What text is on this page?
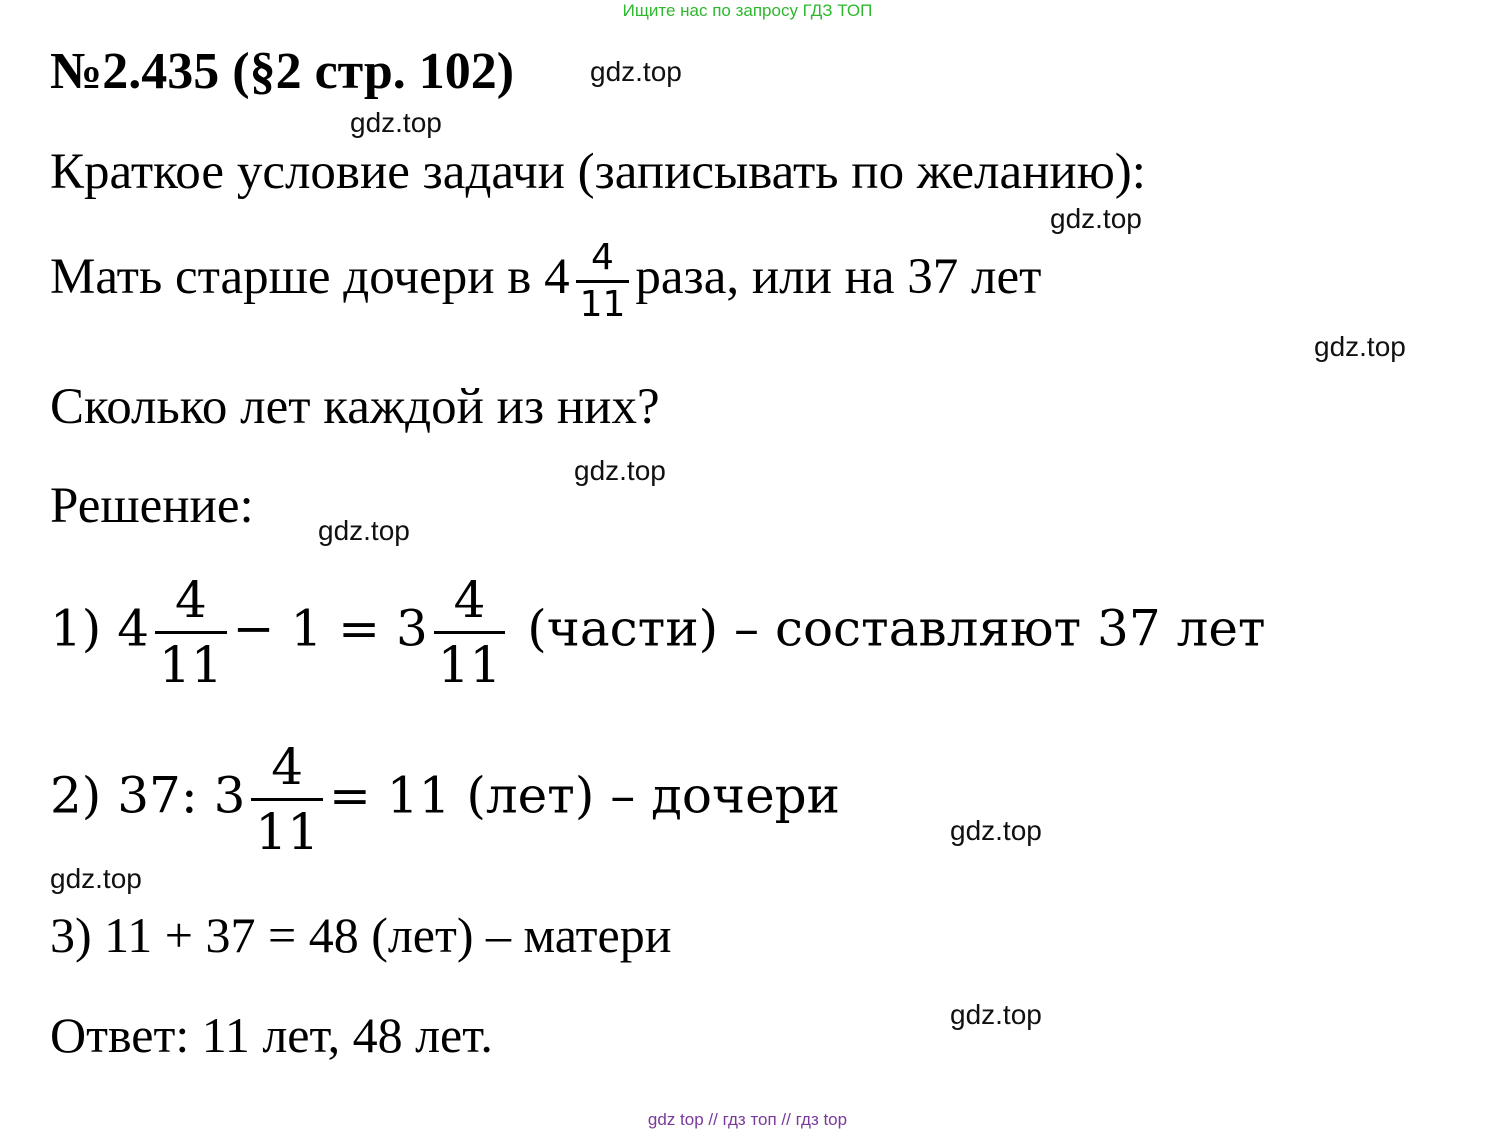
Ищите нас по запросу ГДЗ ТОП
№2.435 (§2 стр. 102)	gdz.top
gdz.top
Краткое условие задачи (записывать по желанию):
gdz.top
Мать старше дочери в $4 \frac{4}{11}$ раза, или на 37 лет
gdz.top
Сколько лет каждой из них?
gdz.top
Решение: gdz.top
1) $4 \frac{4}{11} - 1 = 3 \frac{4}{11}$ (части) – составляют 37 лет
2) 37: $3 \frac{4}{11} = 11$ (лет) – дочери
gdz.top
gdz.top
3) 11 + 37 = 48 (лет) – матери
gdz.top
Ответ: 11 лет, 48 лет.
gdz top // гдз топ // гдз top
